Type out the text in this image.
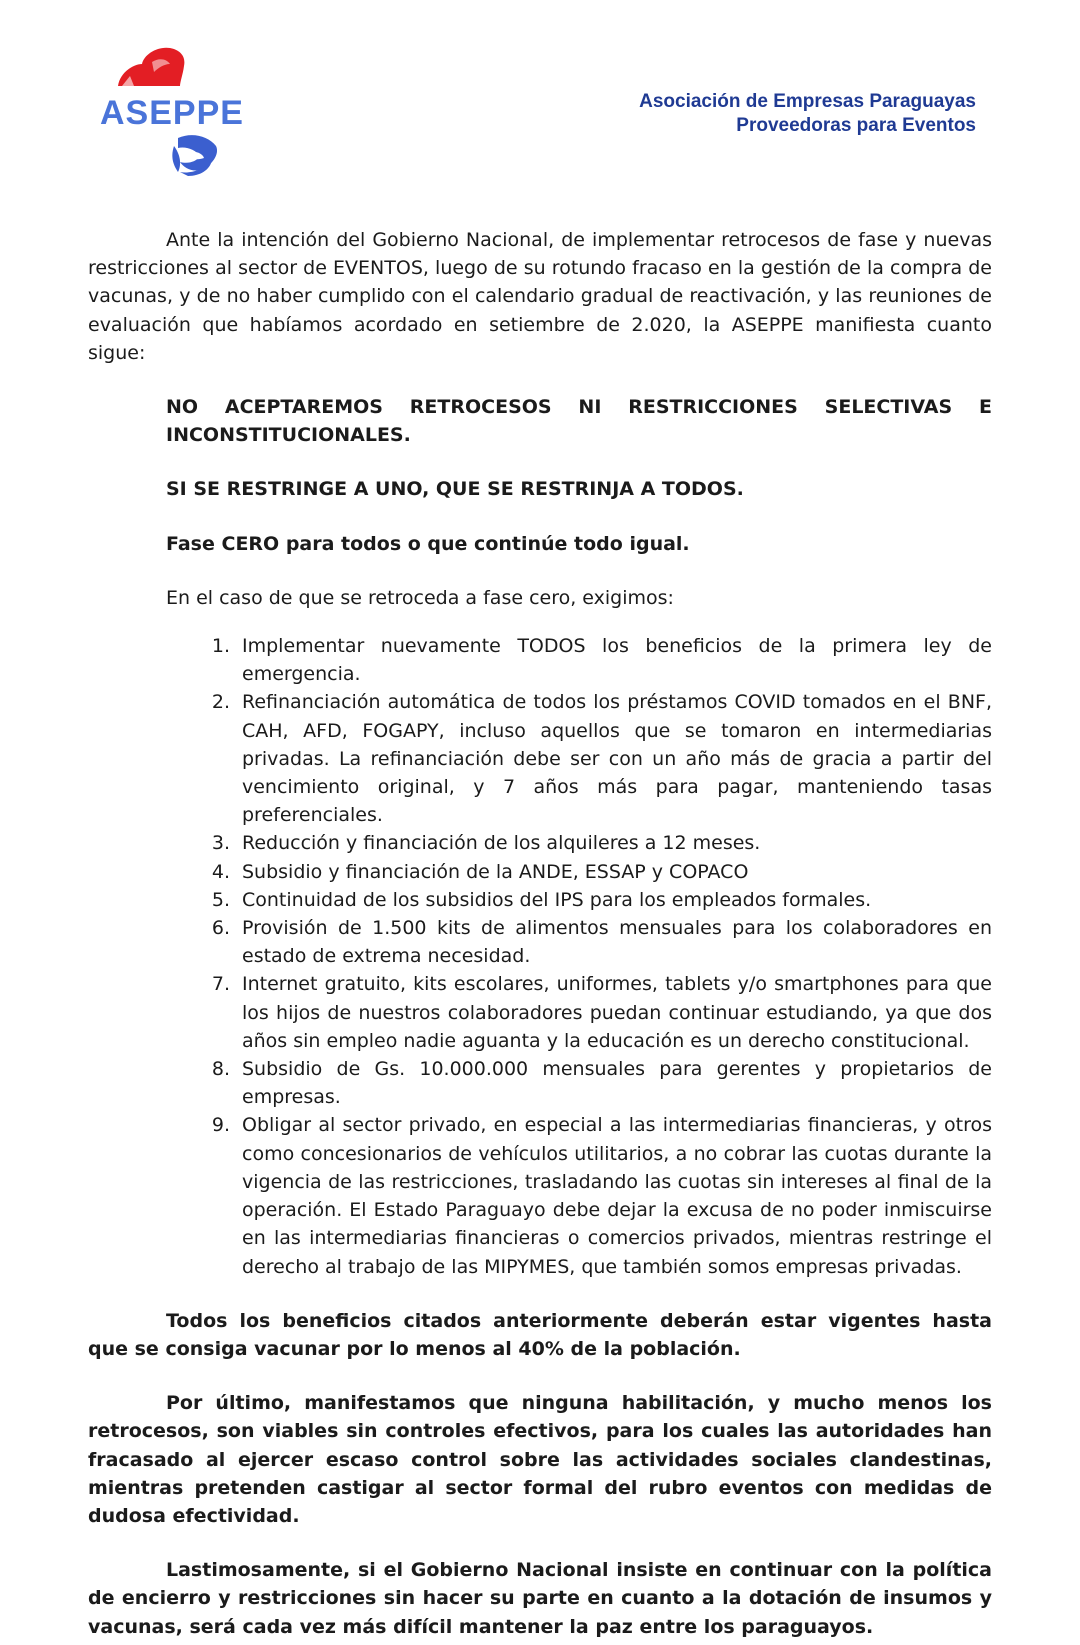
ASEPPE	Asociación de Empresas Paraguayas
Proveedoras para Eventos

Ante la intención del Gobierno Nacional, de implementar retrocesos de fase y nuevas restricciones al sector de EVENTOS, luego de su rotundo fracaso en la gestión de la compra de vacunas, y de no haber cumplido con el calendario gradual de reactivación, y las reuniones de evaluación que habíamos acordado en setiembre de 2.020, la ASEPPE manifiesta cuanto sigue:

NO ACEPTAREMOS RETROCESOS NI RESTRICCIONES SELECTIVAS E INCONSTITUCIONALES.

SI SE RESTRINGE A UNO, QUE SE RESTRINJA A TODOS.

Fase CERO para todos o que continúe todo igual.

En el caso de que se retroceda a fase cero, exigimos:

1. Implementar nuevamente TODOS los beneficios de la primera ley de emergencia.
2. Refinanciación automática de todos los préstamos COVID tomados en el BNF, CAH, AFD, FOGAPY, incluso aquellos que se tomaron en intermediarias privadas. La refinanciación debe ser con un año más de gracia a partir del vencimiento original, y 7 años más para pagar, manteniendo tasas preferenciales.
3. Reducción y financiación de los alquileres a 12 meses.
4. Subsidio y financiación de la ANDE, ESSAP y COPACO
5. Continuidad de los subsidios del IPS para los empleados formales.
6. Provisión de 1.500 kits de alimentos mensuales para los colaboradores en estado de extrema necesidad.
7. Internet gratuito, kits escolares, uniformes, tablets y/o smartphones para que los hijos de nuestros colaboradores puedan continuar estudiando, ya que dos años sin empleo nadie aguanta y la educación es un derecho constitucional.
8. Subsidio de Gs. 10.000.000 mensuales para gerentes y propietarios de empresas.
9. Obligar al sector privado, en especial a las intermediarias financieras, y otros como concesionarios de vehículos utilitarios, a no cobrar las cuotas durante la vigencia de las restricciones, trasladando las cuotas sin intereses al final de la operación. El Estado Paraguayo debe dejar la excusa de no poder inmiscuirse en las intermediarias financieras o comercios privados, mientras restringe el derecho al trabajo de las MIPYMES, que también somos empresas privadas.

Todos los beneficios citados anteriormente deberán estar vigentes hasta que se consiga vacunar por lo menos al 40% de la población.

Por último, manifestamos que ninguna habilitación, y mucho menos los retrocesos, son viables sin controles efectivos, para los cuales las autoridades han fracasado al ejercer escaso control sobre las actividades sociales clandestinas, mientras pretenden castigar al sector formal del rubro eventos con medidas de dudosa efectividad.

Lastimosamente, si el Gobierno Nacional insiste en continuar con la política de encierro y restricciones sin hacer su parte en cuanto a la dotación de insumos y vacunas, será cada vez más difícil mantener la paz entre los paraguayos.
